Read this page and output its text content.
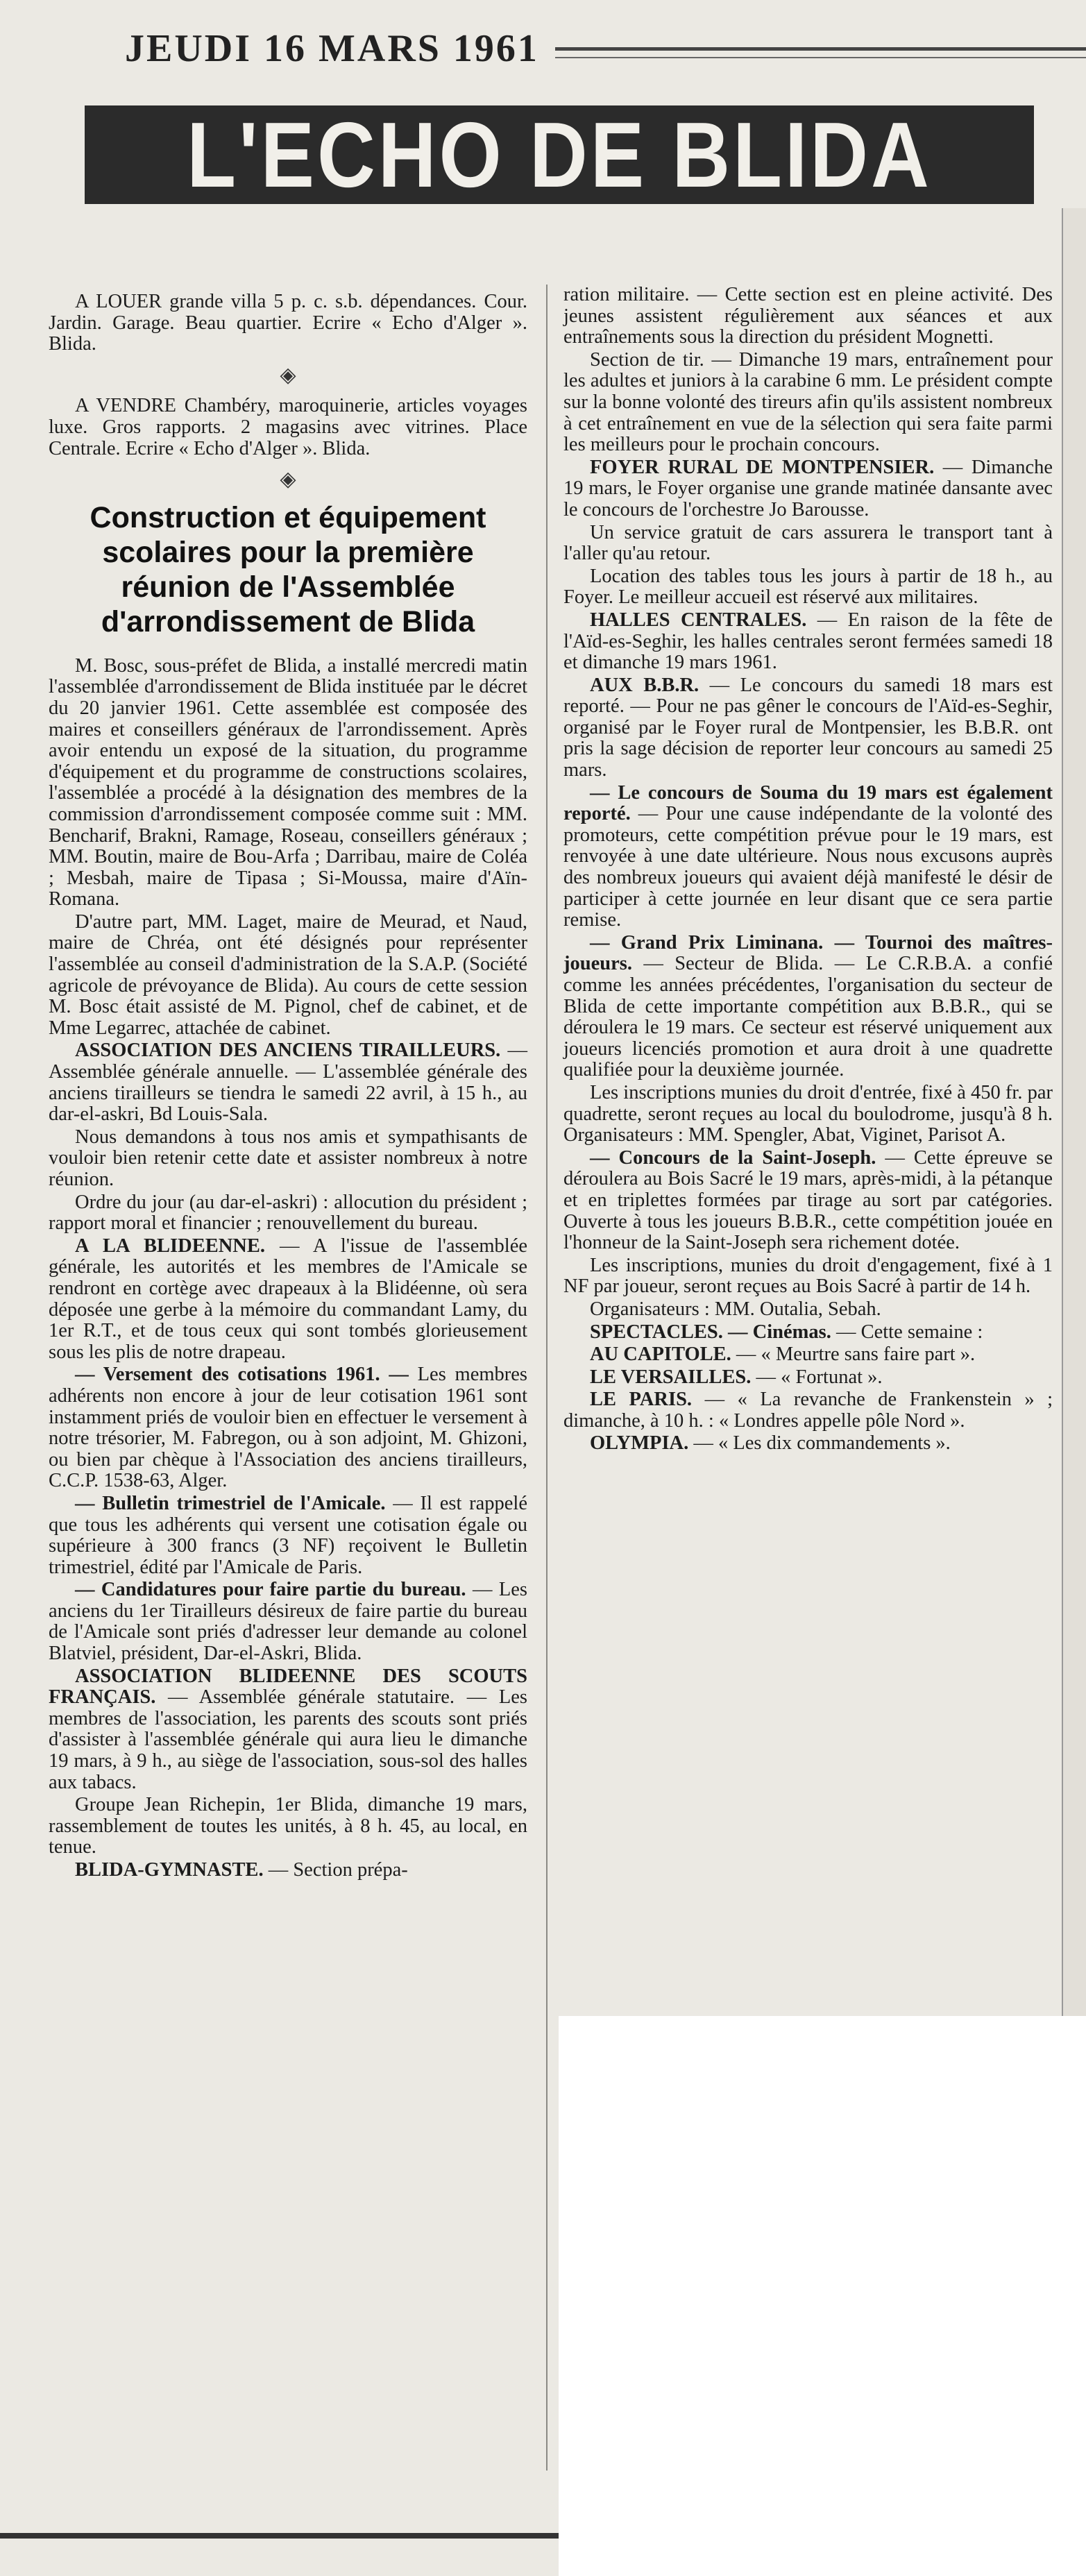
JEUDI 16 MARS 1961
L'ECHO DE BLIDA

A LOUER grande villa 5 p. c. s.b. dépendances. Cour. Jardin. Garage. Beau quartier. Ecrire « Echo d'Alger ». Blida.

◈

A VENDRE Chambéry, maroquinerie, articles voyages luxe. Gros rapports. 2 magasins avec vitrines. Place Centrale. Ecrire « Echo d'Alger ». Blida.

◈
Construction et équipement scolaires pour la première réunion de l'Assemblée d'arrondissement de Blida

M. Bosc, sous-préfet de Blida, a installé mercredi matin l'assemblée d'arrondissement de Blida instituée par le décret du 20 janvier 1961. Cette assemblée est composée des maires et conseillers généraux de l'arrondissement. Après avoir entendu un exposé de la situation, du programme d'équipement et du programme de constructions scolaires, l'assemblée a procédé à la désignation des membres de la commission d'arrondissement composée comme suit : MM. Bencharif, Brakni, Ramage, Roseau, conseillers généraux ; MM. Boutin, maire de Bou-Arfa ; Darribau, maire de Coléa ; Mesbah, maire de Tipasa ; Si-Moussa, maire d'Aïn-Romana.

D'autre part, MM. Laget, maire de Meurad, et Naud, maire de Chréa, ont été désignés pour représenter l'assemblée au conseil d'administration de la S.A.P. (Société agricole de prévoyance de Blida). Au cours de cette session M. Bosc était assisté de M. Pignol, chef de cabinet, et de Mme Legarrec, attachée de cabinet.

ASSOCIATION DES ANCIENS TIRAILLEURS. — Assemblée générale annuelle. — L'assemblée générale des anciens tirailleurs se tiendra le samedi 22 avril, à 15 h., au dar-el-askri, Bd Louis-Sala.

Nous demandons à tous nos amis et sympathisants de vouloir bien retenir cette date et assister nombreux à notre réunion.

Ordre du jour (au dar-el-askri) : allocution du président ; rapport moral et financier ; renouvellement du bureau.

A LA BLIDEENNE. — A l'issue de l'assemblée générale, les autorités et les membres de l'Amicale se rendront en cortège avec drapeaux à la Blidéenne, où sera déposée une gerbe à la mémoire du commandant Lamy, du 1er R.T., et de tous ceux qui sont tombés glorieusement sous les plis de notre drapeau.

— Versement des cotisations 1961. — Les membres adhérents non encore à jour de leur cotisation 1961 sont instamment priés de vouloir bien en effectuer le versement à notre trésorier, M. Fabregon, ou à son adjoint, M. Ghizoni, ou bien par chèque à l'Association des anciens tirailleurs, C.C.P. 1538-63, Alger.

— Bulletin trimestriel de l'Amicale. — Il est rappelé que tous les adhérents qui versent une cotisation égale ou supérieure à 300 francs (3 NF) reçoivent le Bulletin trimestriel, édité par l'Amicale de Paris.

— Candidatures pour faire partie du bureau. — Les anciens du 1er Tirailleurs désireux de faire partie du bureau de l'Amicale sont priés d'adresser leur demande au colonel Blatviel, président, Dar-el-Askri, Blida.

ASSOCIATION BLIDEENNE DES SCOUTS FRANÇAIS. — Assemblée générale statutaire. — Les membres de l'association, les parents des scouts sont priés d'assister à l'assemblée générale qui aura lieu le dimanche 19 mars, à 9 h., au siège de l'association, sous-sol des halles aux tabacs.

Groupe Jean Richepin, 1er Blida, dimanche 19 mars, rassemblement de toutes les unités, à 8 h. 45, au local, en tenue.

BLIDA-GYMNASTE. — Section prépa-

ration militaire. — Cette section est en pleine activité. Des jeunes assistent régulièrement aux séances et aux entraînements sous la direction du président Mognetti.

Section de tir. — Dimanche 19 mars, entraînement pour les adultes et juniors à la carabine 6 mm. Le président compte sur la bonne volonté des tireurs afin qu'ils assistent nombreux à cet entraînement en vue de la sélection qui sera faite parmi les meilleurs pour le prochain concours.

FOYER RURAL DE MONTPENSIER. — Dimanche 19 mars, le Foyer organise une grande matinée dansante avec le concours de l'orchestre Jo Barousse.

Un service gratuit de cars assurera le transport tant à l'aller qu'au retour.

Location des tables tous les jours à partir de 18 h., au Foyer. Le meilleur accueil est réservé aux militaires.

HALLES CENTRALES. — En raison de la fête de l'Aïd-es-Seghir, les halles centrales seront fermées samedi 18 et dimanche 19 mars 1961.

AUX B.B.R. — Le concours du samedi 18 mars est reporté. — Pour ne pas gêner le concours de l'Aïd-es-Seghir, organisé par le Foyer rural de Montpensier, les B.B.R. ont pris la sage décision de reporter leur concours au samedi 25 mars.

— Le concours de Souma du 19 mars est également reporté. — Pour une cause indépendante de la volonté des promoteurs, cette compétition prévue pour le 19 mars, est renvoyée à une date ultérieure. Nous nous excusons auprès des nombreux joueurs qui avaient déjà manifesté le désir de participer à cette journée en leur disant que ce sera partie remise.

— Grand Prix Liminana. — Tournoi des maîtres-joueurs. — Secteur de Blida. — Le C.R.B.A. a confié comme les années précédentes, l'organisation du secteur de Blida de cette importante compétition aux B.B.R., qui se déroulera le 19 mars. Ce secteur est réservé uniquement aux joueurs licenciés promotion et aura droit à une quadrette qualifiée pour la deuxième journée.

Les inscriptions munies du droit d'entrée, fixé à 450 fr. par quadrette, seront reçues au local du boulodrome, jusqu'à 8 h. Organisateurs : MM. Spengler, Abat, Viginet, Parisot A.

— Concours de la Saint-Joseph. — Cette épreuve se déroulera au Bois Sacré le 19 mars, après-midi, à la pétanque et en triplettes formées par tirage au sort par catégories. Ouverte à tous les joueurs B.B.R., cette compétition jouée en l'honneur de la Saint-Joseph sera richement dotée.

Les inscriptions, munies du droit d'engagement, fixé à 1 NF par joueur, seront reçues au Bois Sacré à partir de 14 h.

Organisateurs : MM. Outalia, Sebah.

SPECTACLES. — Cinémas. — Cette semaine :

AU CAPITOLE. — « Meurtre sans faire part ».

LE VERSAILLES. — « Fortunat ».

LE PARIS. — « La revanche de Frankenstein » ; dimanche, à 10 h. : « Londres appelle pôle Nord ».

OLYMPIA. — « Les dix commandements ».
